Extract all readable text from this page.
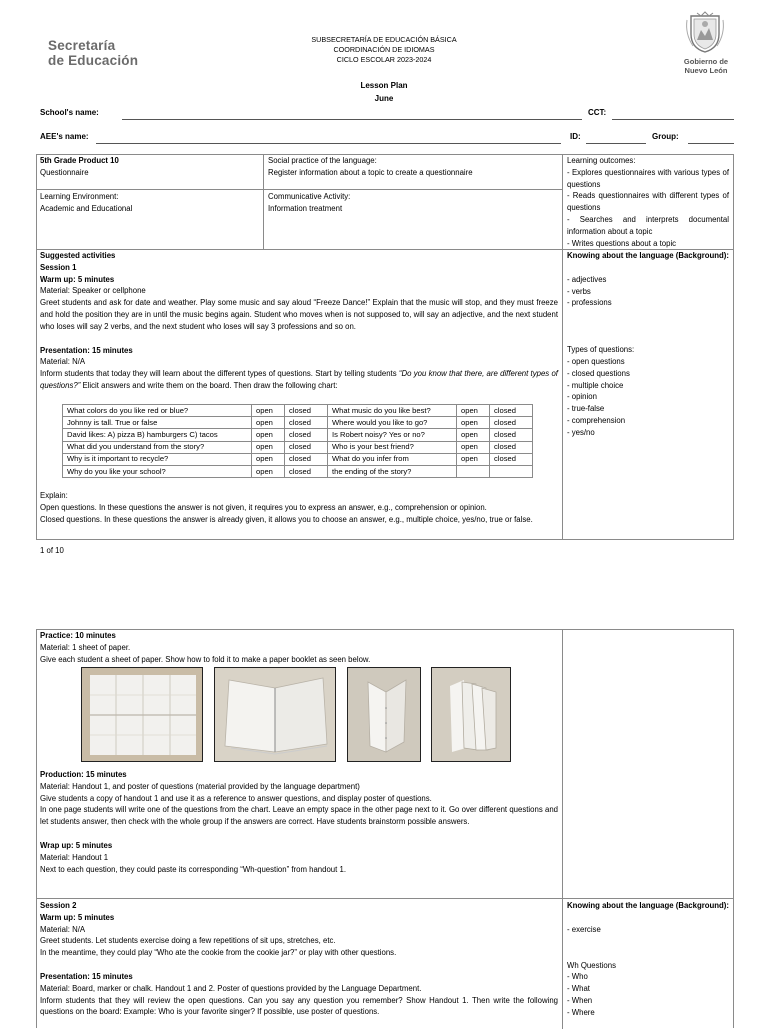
Secretaría
de Educación
SUBSECRETARÍA DE EDUCACIÓN BÁSICA
COORDINACIÓN DE IDIOMAS
CICLO ESCOLAR 2023-2024	Gobierno de
Nuevo León
Lesson Plan
June
School's name:	CCT:
AEE's name:	ID:	Group:
5th Grade Product 10
Questionnaire
Social practice of the language:
Register information about a topic to create a questionnaire
Learning Environment:
Academic and Educational
Communicative Activity:
Information treatment
Learning outcomes:
- Explores questionnaires with various types of questions
- Reads questionnaires with different types of questions
- Searches and interprets documental information about a topic
- Writes questions about a topic
Suggested activities
Session 1
Warm up: 5 minutes
Material: Speaker or cellphone
Greet students and ask for date and weather. Play some music and say aloud “Freeze Dance!” Explain that the music will stop, and they must freeze and hold the position they are in until the music begins again. Student who moves when is not supposed to, will say an adjective, and the next student who loses will say 2 verbs, and the next student who loses will say 3 professions and so on.
Presentation: 15 minutes
Material: N/A
Inform students that today they will learn about the different types of questions. Start by telling students “Do you know that there, are different types of questions?” Elicit answers and write them on the board. Then draw the following chart:
What colors do you like red or blue?	open	closed	What music do you like best?	open	closed
Johnny is tall. True or false	open	closed	Where would you like to go?	open	closed
David likes: A) pizza B) hamburgers C) tacos	open	closed	Is Robert noisy? Yes or no?	open	closed
What did you understand from the story?	open	closed	Who is your best friend?	open	closed
Why is it important to recycle?	open	closed	What do you infer from	open	closed
Why do you like your school?	open	closed	the ending of the story?		
Explain:
Open questions. In these questions the answer is not given, it requires you to express an answer, e.g., comprehension or opinion.
Closed questions. In these questions the answer is already given, it allows you to choose an answer, e.g., multiple choice, yes/no, true or false.
Knowing about the language (Background):
- adjectives
- verbs
- professions
Types of questions:
- open questions
- closed questions
- multiple choice
- opinion
- true-false
- comprehension
- yes/no
1 of 10
Practice: 10 minutes
Material: 1 sheet of paper.
Give each student a sheet of paper. Show how to fold it to make a paper booklet as seen below.
Production: 15 minutes
Material: Handout 1, and poster of questions (material provided by the language department)
Give students a copy of handout 1 and use it as a reference to answer questions, and display poster of questions.
In one page students will write one of the questions from the chart. Leave an empty space in the other page next to it. Go over different questions and let students answer, then check with the whole group if the answers are correct. Have students brainstorm possible answers.
Wrap up: 5 minutes
Material: Handout 1
Next to each question, they could paste its corresponding “Wh-question” from handout 1.
Session 2
Warm up: 5 minutes
Material: N/A
Greet students. Let students exercise doing a few repetitions of sit ups, stretches, etc.
In the meantime, they could play “Who ate the cookie from the cookie jar?” or play with other questions.
Presentation: 15 minutes
Material: Board, marker or chalk. Handout 1 and 2. Poster of questions provided by the Language Department.
Inform students that they will review the open questions. Can you say any question you remember? Show Handout 1. Then write the following questions on the board: Example: Who is your favorite singer? If possible, use poster of questions.
Knowing about the language (Background):
- exercise
Wh Questions
- Who
- What
- When
- Where
